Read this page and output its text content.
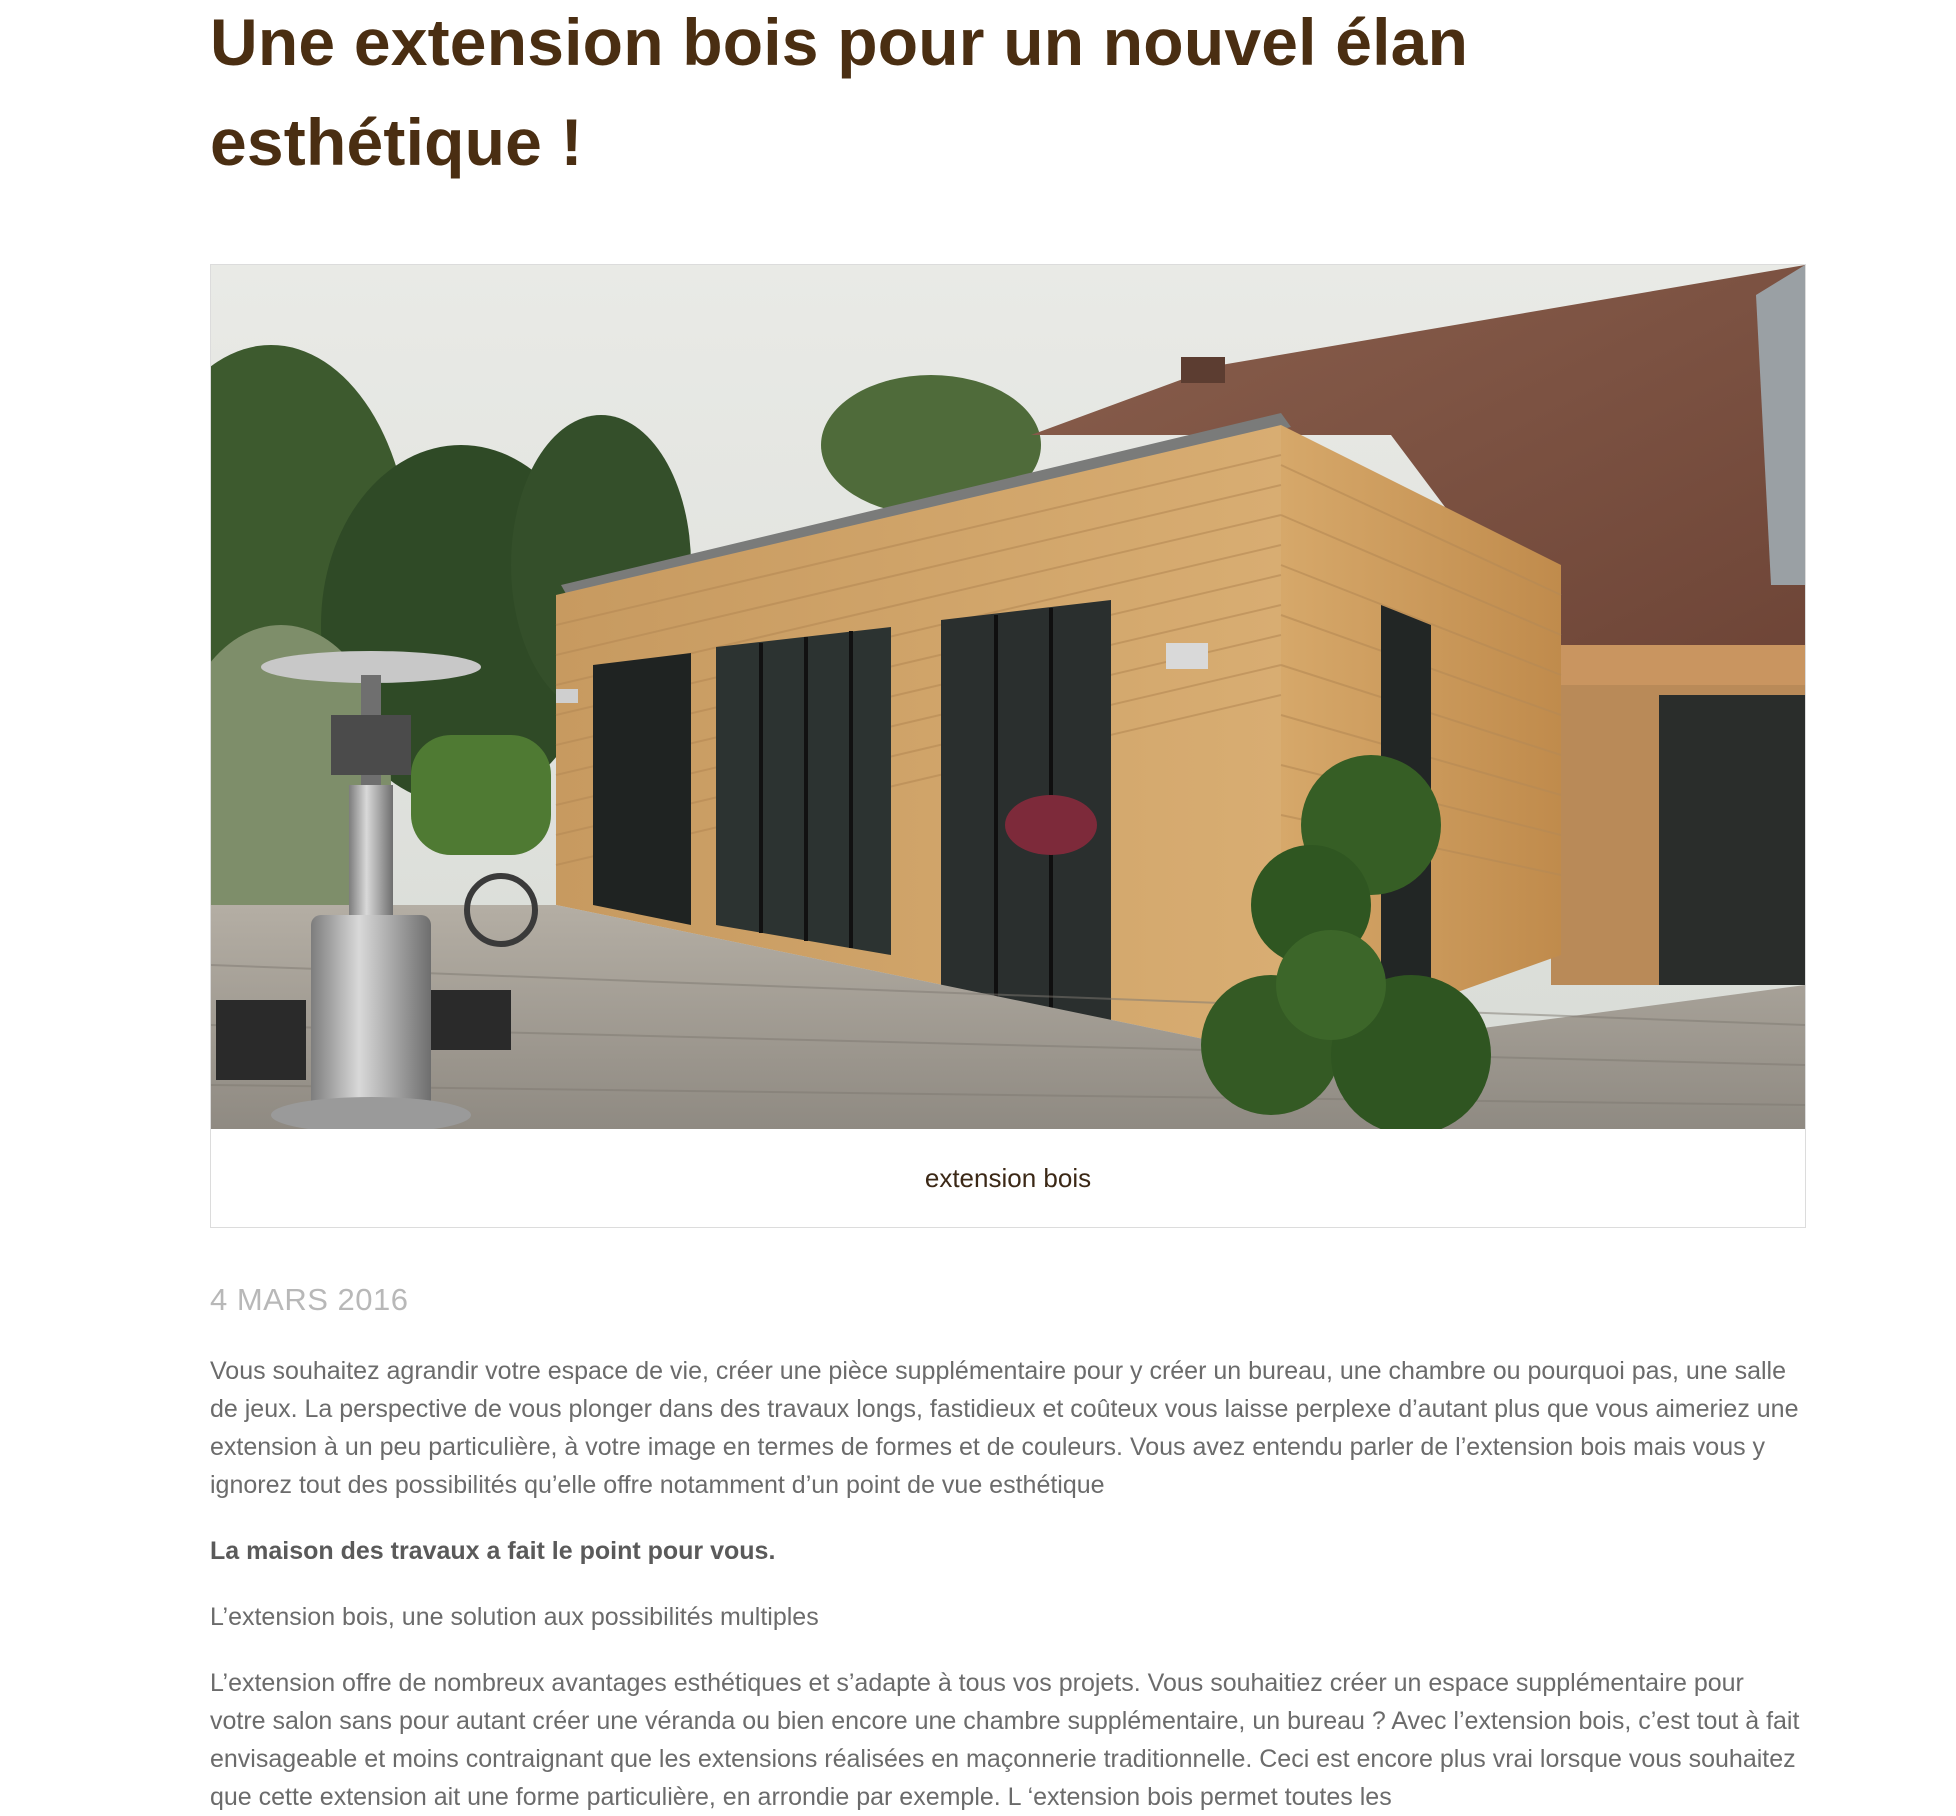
Une extension bois pour un nouvel élan esthétique !
extension bois

4 MARS 2016

Vous souhaitez agrandir votre espace de vie, créer une pièce supplémentaire pour y créer un bureau, une chambre ou pourquoi pas, une salle de jeux. La perspective de vous plonger dans des travaux longs, fastidieux et coûteux vous laisse perplexe d’autant plus que vous aimeriez une extension à un peu particulière, à votre image en termes de formes et de couleurs. Vous avez entendu parler de l’extension bois mais vous y ignorez tout des possibilités qu’elle offre notamment d’un point de vue esthétique

La maison des travaux a fait le point pour vous.

L’extension bois, une solution aux possibilités multiples

L’extension offre de nombreux avantages esthétiques et s’adapte à tous vos projets. Vous souhaitiez créer un espace supplémentaire pour votre salon sans pour autant créer une véranda ou bien encore une chambre supplémentaire, un bureau ? Avec l’extension bois, c’est tout à fait envisageable et moins contraignant que les extensions réalisées en maçonnerie traditionnelle. Ceci est encore plus vrai lorsque vous souhaitez que cette extension ait une forme particulière, en arrondie par exemple. L ‘extension bois permet toutes les
